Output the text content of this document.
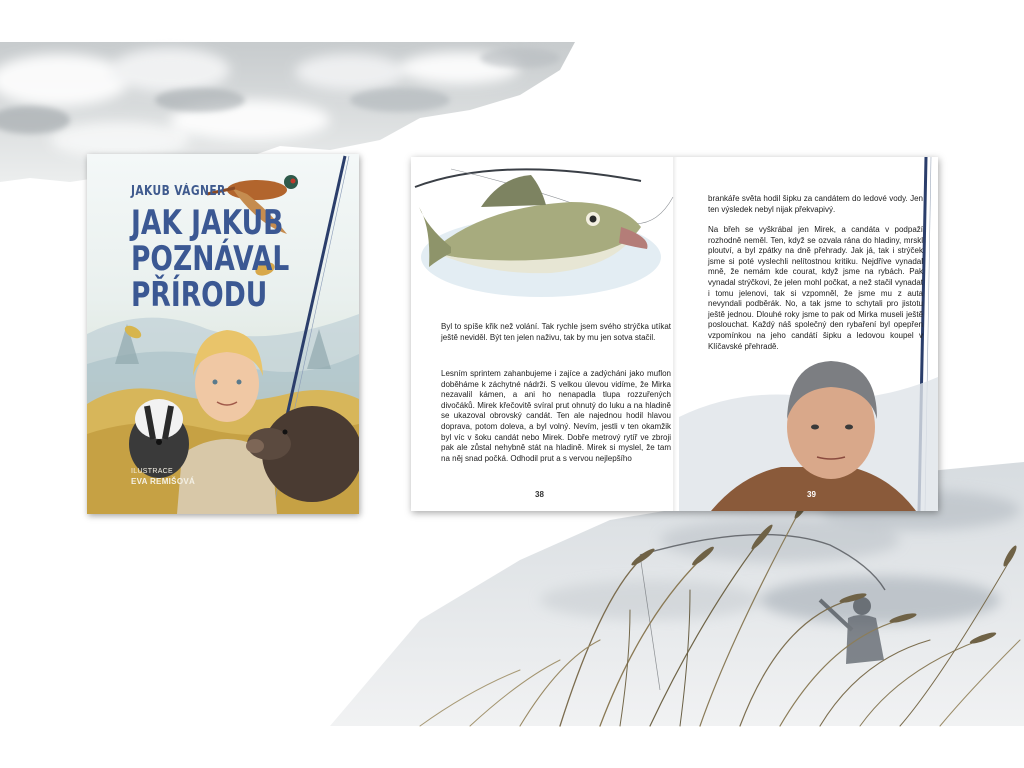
JAKUB VÁGNER
JAK JAKUB
POZNÁVAL
PŘÍRODU
ILUSTRACE
EVA REMIŠOVÁ

Byl to spíše křik než volání. Tak rychle jsem svého strýčka utíkat ještě neviděl. Být ten jelen naživu, tak by mu jen sotva stačil.

Lesním sprintem zahanbujeme i zajíce a zadýcháni jako muflon doběháme k záchytné nádrži. S velkou úlevou vidíme, že Mirka nezavalil kámen, a ani ho nenapadla tlupa rozzuřených divočáků. Mirek křečovitě svíral prut ohnutý do luku a na hladině se ukazoval obrovský candát. Ten ale najednou hodil hlavou doprava, potom doleva, a byl volný. Nevím, jestli v ten okamžik byl víc v šoku candát nebo Mirek. Dobře metrový rytíř ve zbroji pak ale zůstal nehybně stát na hladině. Mirek si myslel, že tam na něj snad počká. Odhodil prut a s vervou nejlepšího

brankáře světa hodil šipku za candátem do ledové vody. Jen ten výsledek nebyl nijak překvapivý.

Na břeh se vyškrábal jen Mirek, a candáta v podpaží rozhodně neměl. Ten, když se ozvala rána do hladiny, mrskl ploutví, a byl zpátky na dně přehrady. Jak já, tak i strýček jsme si poté vyslechli nelítostnou kritiku. Nejdříve vynadal mně, že nemám kde courat, když jsme na rybách. Pak vynadal strýčkovi, že jelen mohl počkat, a než stačil vynadat i tomu jelenovi, tak si vzpomněl, že jsme mu z auta nevyndali podběrák. No, a tak jsme to schytali pro jistotu ještě jednou. Dlouhé roky jsme to pak od Mirka museli ještě poslouchat. Každý náš společný den rybaření byl opepřen vzpomínkou na jeho candátí šipku a ledovou koupel v Klíčavské přehradě.

38	39
